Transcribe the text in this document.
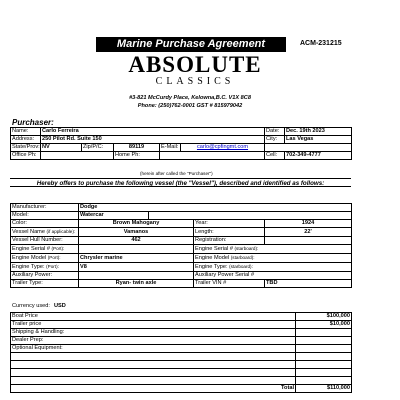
Marine Purchase Agreement	ACM-231215
ABSOLUTE
CLASSICS
#3-821 McCurdy Place, Kelowna,B.C. V1X 8C8
Phone: (250)762-0001 GST # 815979042
Purchaser:
Name:	Carlo Ferreira					Date:	Dec. 19th 2023
Address:	250 Pilot Rd. Suite 150					City:	Las Vegas
State/Prov:	NV	Zip/P/C:	89119	E-Mail:	carlo@cpfingmt.com		
Office Ph:			Home Ph:			Cell:	702-349-4777
(herein after called the "Purchaser")
Hereby offers to purchase the following vessel (the "Vessel"), described and identified as follows:
Manufacturer:	Dodge			
Model:	Watercar			
Color:	Brown Mahogany		Year:	1924
Vessel Name (if applicable):	Vamanos		Length:	22'
Vessel Hull Number:	462		Registration:	
Engine Serial # (Port):			Engine Serial # (starboard):	
Engine Model (Port):	Chrysler marine		Engine Model (starboard):	
Engine Type: (Port):	V8		Engine Type: (starboard):	
Auxiliary Power:			Auxiliary Power Serial #	
Trailer Type:	Ryan- twin axle		Trailer VIN #	TBD
Currency used: USD
Boat Price	$100,000
Trailer price	$10,000
Shipping & Handling:	
Dealer Prep:	
Optional Equipment:	

Total	$110,000
